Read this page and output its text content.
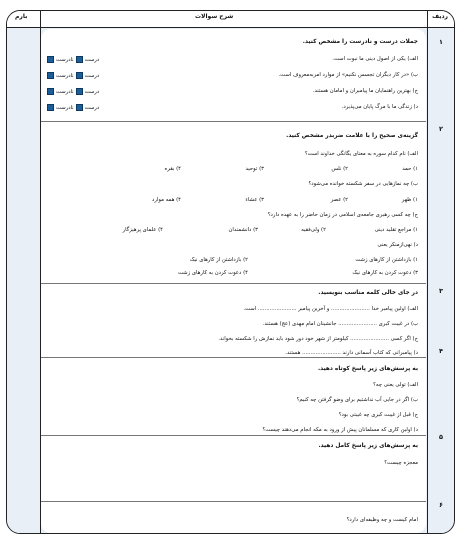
ردیف
شرح سوالات
بارم
۱
۲
۳
۴
۵
۶
جملات درست و نادرست را مشخص کنید.
الف) یکی از اصول دینی ما نبوت است.
ب) «در کار دیگران تجسس نکنیم» از موارد امربه‌معروف است.
ج) بهترین راهنمایان ما پیامبران و امامان هستند.
د) زندگی ما با مرگ پایان می‌پذیرد.
درستنادرست
درستنادرست
درستنادرست
درستنادرست
گزینه‌ی صحیح را با علامت ضربدر مشخص کنید.
الف) نام کدام سوره به معنای یگانگی خداوند است؟
۱) حمد
۲) نلس
۳) توحید
۴) بقره
ب) چه نمازهایی در سفر شکسته خوانده می‌شود؟
۱) ظهر
۲) عصر
۳) عشاء
۴) همه موارد
ج) چه کسی رهبری جامعه‌ی اسلامی در زمان حاضر را به عهده دارد؟
۱) مراجع تقلید دینی
۲) ولی‌فقیه
۳) دانشمندان
۴) علمای پرهیزگار
د) نهی‌ازمنکر یعنی
۱) بازداشتن از کارهای زشت
۲) بازداشتن از کارهای نیک
۳) دعوت کردن به کارهای نیک
۴) دعوت کردن به کارهای زشت
در جای خالی کلمه مناسب بنویسید.
الف) اولین پیامبر خدا ....................... و آخرین پیامبر ....................... است.
ب) در غیبت کبری ....................... جانشینان امام مهدی (عج) هستند.
ج) اگر کسی ....................... کیلومتر از شهر خود دور شود باید نمازش را شکسته بخواند.
د) پیامبرانی که کتاب آسمانی دارند ....................... هستند.
به پرسش‌های زیر پاسخ کوتاه دهید.
الف) تولی یعنی چه؟
ب) اگر در جایی آب نداشتیم برای وضو گرفتن چه کنیم؟
ج) قبل از غیبت کبری چه غیبتی بود؟
د) اولین کاری که مسلمانان پیش از ورود به مکه انجام می‌دهند چیست؟
به پرسش‌های زیر پاسخ کامل دهید.
معجزه چیست؟
امام کیست و چه وظیفه‌ای دارد؟
